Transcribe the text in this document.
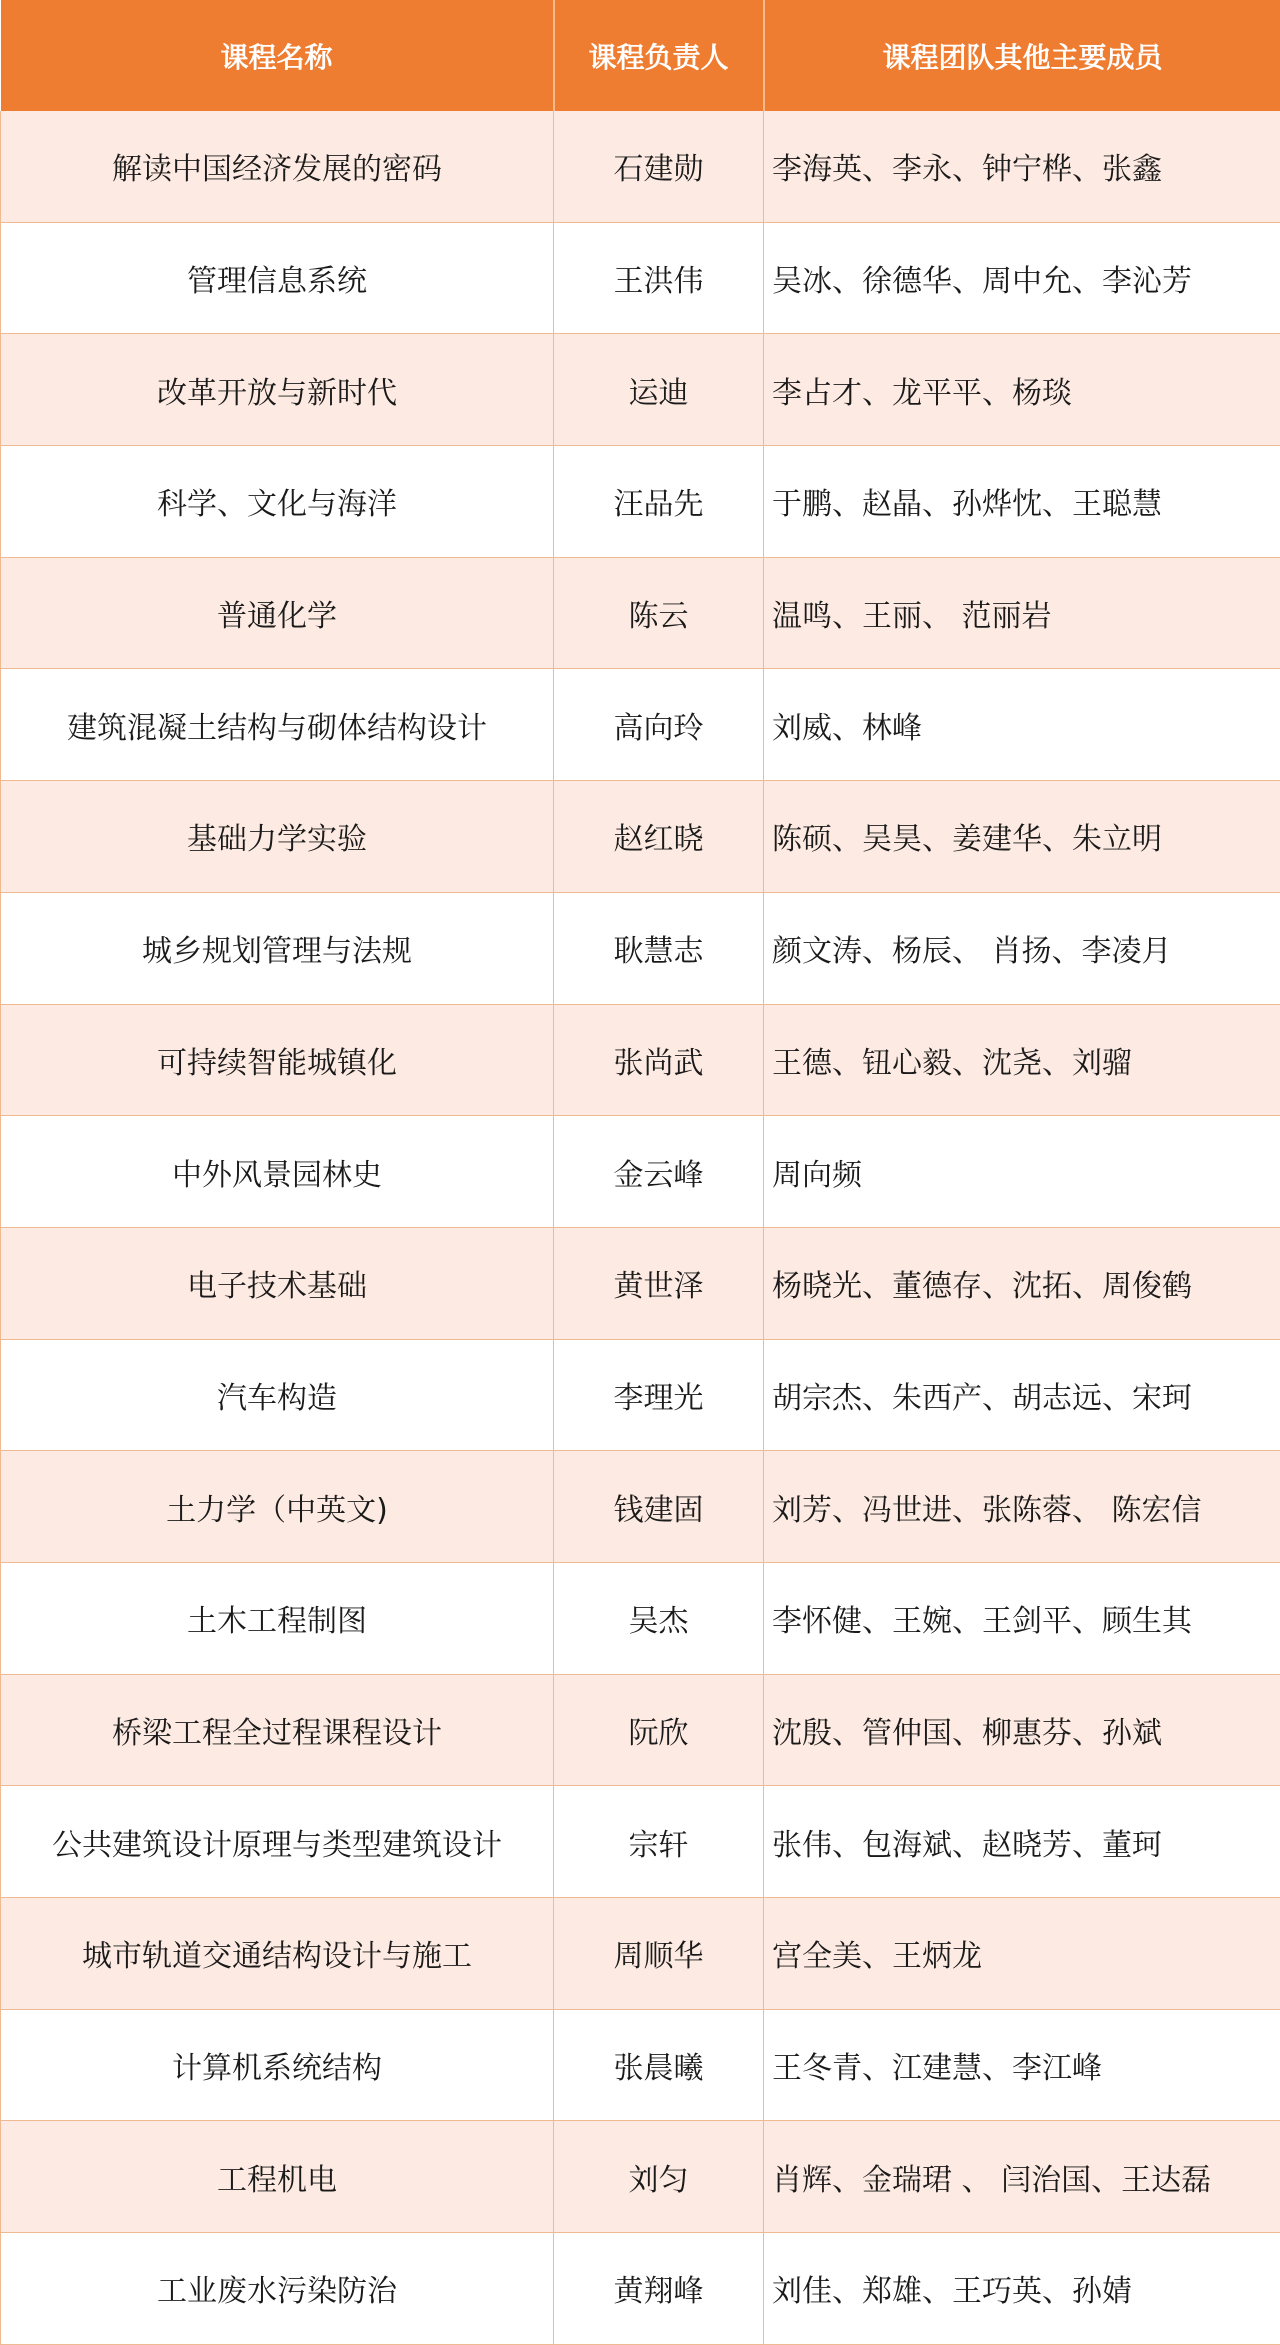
课程名称	课程负责人	课程团队其他主要成员
解读中国经济发展的密码	石建勋	李海英、李永、钟宁桦、张鑫
管理信息系统	王洪伟	吴冰、徐德华、周中允、李沁芳
改革开放与新时代	运迪	李占才、龙平平、杨琰
科学、文化与海洋	汪品先	于鹏、赵晶、孙烨忱、王聪慧
普通化学	陈云	温鸣、王丽、 范丽岩
建筑混凝土结构与砌体结构设计	高向玲	刘威、林峰
基础力学实验	赵红晓	陈硕、吴昊、姜建华、朱立明
城乡规划管理与法规	耿慧志	颜文涛、杨辰、 肖扬、李凌月
可持续智能城镇化	张尚武	王德、钮心毅、沈尧、刘骝
中外风景园林史	金云峰	周向频
电子技术基础	黄世泽	杨晓光、董德存、沈拓、周俊鹤
汽车构造	李理光	胡宗杰、朱西产、胡志远、宋珂
土力学（中英文)	钱建固	刘芳、冯世进、张陈蓉、 陈宏信
土木工程制图	吴杰	李怀健、王婉、王剑平、顾生其
桥梁工程全过程课程设计	阮欣	沈殷、管仲国、柳惠芬、孙斌
公共建筑设计原理与类型建筑设计	宗轩	张伟、包海斌、赵晓芳、董珂
城市轨道交通结构设计与施工	周顺华	宫全美、王炳龙
计算机系统结构	张晨曦	王冬青、江建慧、李江峰
工程机电	刘匀	肖辉、金瑞珺 、 闫治国、王达磊
工业废水污染防治	黄翔峰	刘佳、郑雄、王巧英、孙婧
